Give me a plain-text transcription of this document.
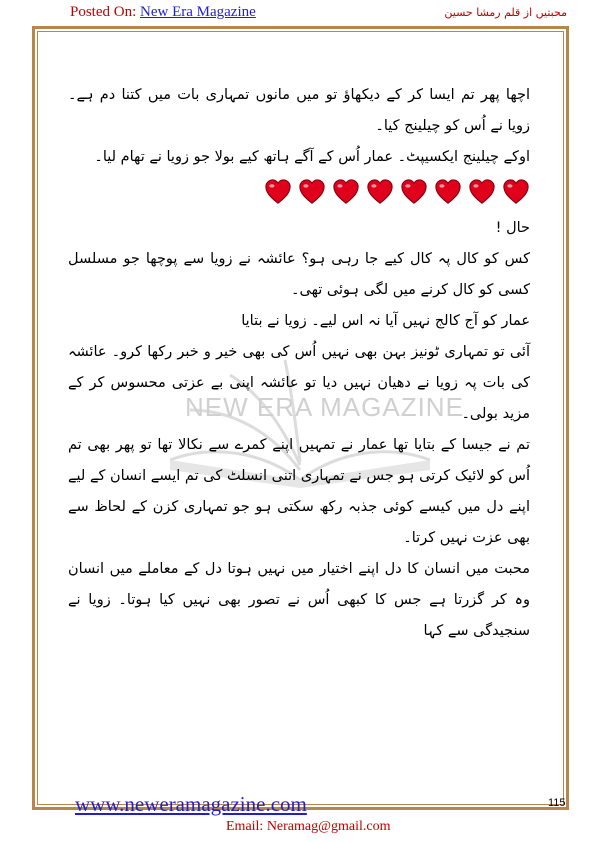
Posted On: New Era Magazine	محبتیں از قلم رمشا حسین
NEW ERA MAGAZINE

اچھا پھر تم ایسا کر کے دیکھاؤ تو میں مانوں تمہاری بات میں کتنا دم ہے۔ زویا نے اُس کو چیلینج کیا۔

اوکے چیلینج ایکسیپٹ۔ عمار اُس کے آگے ہاتھ کیے بولا جو زویا نے تھام لیا۔

حال !

کس کو کال پہ کال کیے جا رہی ہو؟ عائشہ نے زویا سے پوچھا جو مسلسل کسی کو کال کرنے میں لگی ہوئی تھی۔

عمار کو آج کالج نہیں آیا نہ اس لیے۔ زویا نے بتایا

آئی تو تمہاری ٹونیز بہن بھی نہیں اُس کی بھی خیر و خبر رکھا کرو۔ عائشہ کی بات پہ زویا نے دھیان نہیں دیا تو عائشہ اپنی بے عزتی محسوس کر کے مزید بولی۔

تم نے جیسا کے بتایا تھا عمار نے تمہیں اپنے کمرے سے نکالا تھا تو پھر بھی تم اُس کو لائیک کرتی ہو جس نے تمہاری اتنی انسلٹ کی تم ایسے انسان کے لیے اپنے دل میں کیسے کوئی جذبہ رکھ سکتی ہو جو تمہاری کزن کے لحاظ سے بھی عزت نہیں کرتا۔

محبت میں انسان کا دل اپنے اختیار میں نہیں ہوتا دل کے معاملے میں انسان وہ کر گزرتا ہے جس کا کبھی اُس نے تصور بھی نہیں کیا ہوتا۔ زویا نے سنجیدگی سے کہا

www.neweramagazine.com	115
Email: Neramag@gmail.com
